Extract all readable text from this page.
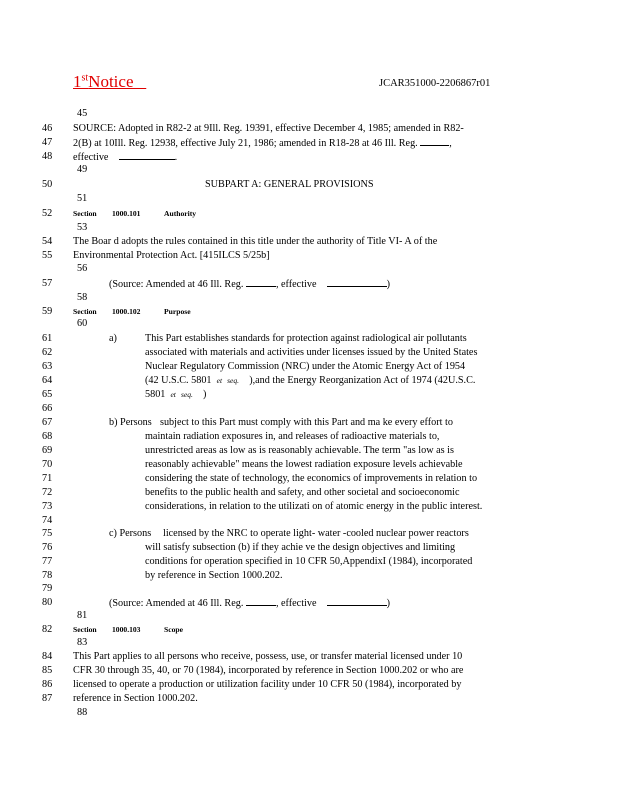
1stNotice	JCAR351000-2206867r01
45
46	SOURCE: Adopted in R82-2 at 9Ill. Reg. 19391, effective December 4, 1985; amended in R82-
47	2(B) at 10Ill. Reg. 12938, effective July 21, 1986; amended in R18-28 at 46 Ill. Reg.	,
48	effective	.
49
50	SUBPART A: GENERAL PROVISIONS
51
52	Section 1000.101	Authority
53
54	The Boar d adopts the rules contained in this title under the authority of Title VI- A of the
55	Environmental Protection Act. [415ILCS 5/25b]
56
57	(Source: Amended at 46 Ill. Reg.	, effective	)
58
59	Section 1000.102	Purpose
60
61	a)	This Part establishes standards for protection against radiological air pollutants
62	associated with materials and activities under licenses issued by the United States
63	Nuclear Regulatory Commission (NRC) under the Atomic Energy Act of 1954
64	(42 U.S.C. 5801 et seq. ),and the Energy Reorganization Act of 1974 (42U.S.C.
65	5801 et seq. )
66
67	b) Persons subject to this Part must comply with this Part and ma ke every effort to
68	maintain radiation exposures in, and releases of radioactive materials to,
69	unrestricted areas as low as is reasonably achievable. The term "as low as is
70	reasonably achievable" means the lowest radiation exposure levels achievable
71	considering the state of technology, the economics of improvements in relation to
72	benefits to the public health and safety, and other societal and socioeconomic
73	considerations, in relation to the utilizati on of atomic energy in the public interest.
74
75	c) Persons licensed by the NRC to operate light- water -cooled nuclear power reactors
76	will satisfy subsection (b) if they achie ve the design objectives and limiting
77	conditions for operation specified in 10 CFR 50,AppendixI (1984), incorporated
78	by reference in Section 1000.202.
79
80	(Source: Amended at 46 Ill. Reg.	, effective	)
81
82	Section 1000.103	Scope
83
84	This Part applies to all persons who receive, possess, use, or transfer material licensed under 10
85	CFR 30 through 35, 40, or 70 (1984), incorporated by reference in Section 1000.202 or who are
86	licensed to operate a production or utilization facility under 10 CFR 50 (1984), incorporated by
87	reference in Section 1000.202.
88
